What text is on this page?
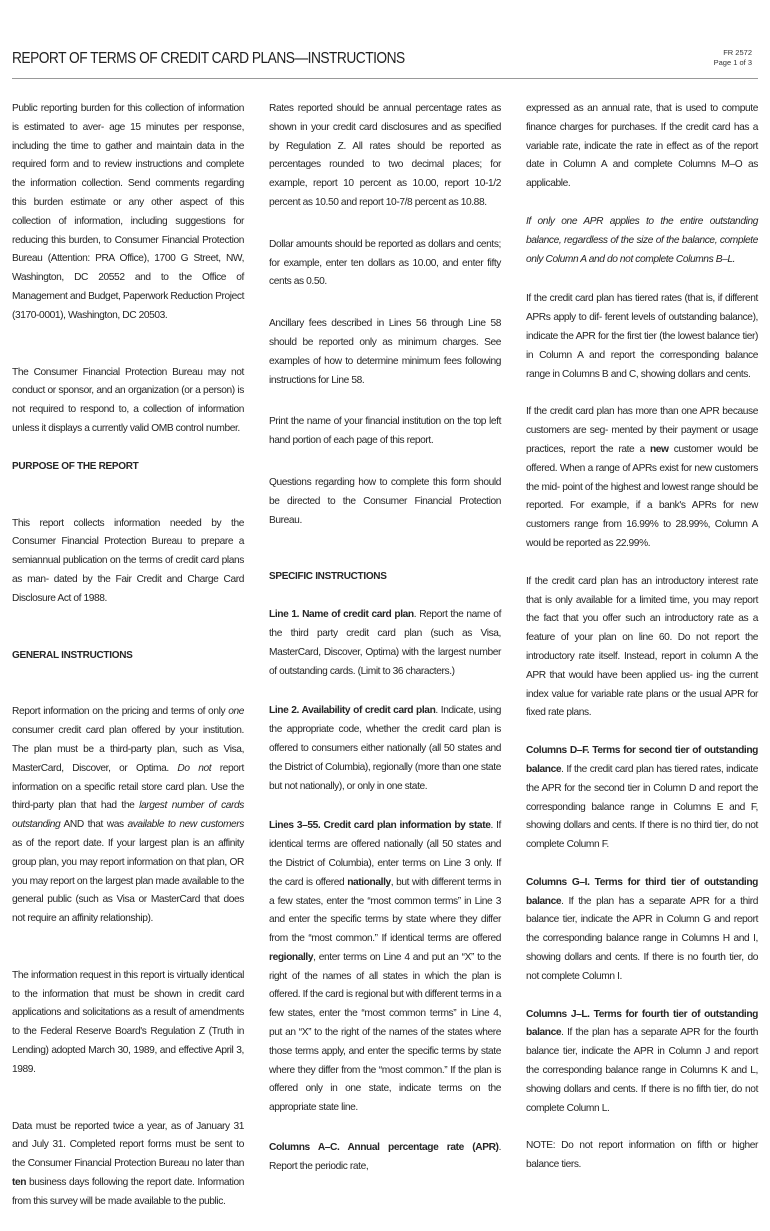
REPORT OF TERMS OF CREDIT CARD PLANS—INSTRUCTIONS	FR 2572
Page 1 of 3

Public reporting burden for this collection of information is estimated to aver- age 15 minutes per response, including the time to gather and maintain data in the required form and to review instructions and complete the information collection. Send comments regarding this burden estimate or any other aspect of this collection of information, including suggestions for reducing this burden, to Consumer Financial Protection Bureau (Attention: PRA Office), 1700 G Street, NW, Washington, DC 20552 and to the Office of Management and Budget, Paperwork Reduction Project (3170-0001), Washington, DC 20503.

The Consumer Financial Protection Bureau may not conduct or sponsor, and an organization (or a person) is not required to respond to, a collection of information unless it displays a currently valid OMB control number.

PURPOSE OF THE REPORT

This report collects information needed by the Consumer Financial Protection Bureau to prepare a semiannual publication on the terms of credit card plans as man- dated by the Fair Credit and Charge Card Disclosure Act of 1988.

GENERAL INSTRUCTIONS

Report information on the pricing and terms of only one consumer credit card plan offered by your institution. The plan must be a third-party plan, such as Visa, MasterCard, Discover, or Optima. Do not report information on a specific retail store card plan. Use the third-party plan that had the largest number of cards outstanding AND that was available to new customers as of the report date. If your largest plan is an affinity group plan, you may report information on that plan, OR you may report on the largest plan made available to the general public (such as Visa or MasterCard that does not require an affinity relationship).

The information request in this report is virtually identical to the information that must be shown in credit card applications and solicitations as a result of amendments to the Federal Reserve Board's Regulation Z (Truth in Lending) adopted March 30, 1989, and effective April 3, 1989.

Data must be reported twice a year, as of January 31 and July 31. Completed report forms must be sent to the Consumer Financial Protection Bureau no later than ten business days following the report date. Information from this survey will be made available to the public.

Rates reported should be annual percentage rates as shown in your credit card disclosures and as specified by Regulation Z. All rates should be reported as percentages rounded to two decimal places; for example, report 10 percent as 10.00, report 10-1/2 percent as 10.50 and report 10-7/8 percent as 10.88.

Dollar amounts should be reported as dollars and cents; for example, enter ten dollars as 10.00, and enter fifty cents as 0.50.

Ancillary fees described in Lines 56 through Line 58 should be reported only as minimum charges. See examples of how to determine minimum fees following instructions for Line 58.

Print the name of your financial institution on the top left hand portion of each page of this report.

Questions regarding how to complete this form should be directed to the Consumer Financial Protection Bureau.

SPECIFIC INSTRUCTIONS

Line 1. Name of credit card plan. Report the name of the third party credit card plan (such as Visa, MasterCard, Discover, Optima) with the largest number of outstanding cards. (Limit to 36 characters.)

Line 2. Availability of credit card plan. Indicate, using the appropriate code, whether the credit card plan is offered to consumers either nationally (all 50 states and the District of Columbia), regionally (more than one state but not nationally), or only in one state.

Lines 3–55. Credit card plan information by state. If identical terms are offered nationally (all 50 states and the District of Columbia), enter terms on Line 3 only. If the card is offered nationally, but with different terms in a few states, enter the “most common terms” in Line 3 and enter the specific terms by state where they differ from the “most common.” If identical terms are offered regionally, enter terms on Line 4 and put an “X” to the right of the names of all states in which the plan is offered. If the card is regional but with different terms in a few states, enter the “most common terms” in Line 4, put an “X” to the right of the names of the states where those terms apply, and enter the specific terms by state where they differ from the “most common.” If the plan is offered only in one state, indicate terms on the appropriate state line.

Columns A–C. Annual percentage rate (APR). Report the periodic rate,

expressed as an annual rate, that is used to compute finance charges for purchases. If the credit card has a variable rate, indicate the rate in effect as of the report date in Column A and complete Columns M–O as applicable.

If only one APR applies to the entire outstanding balance, regardless of the size of the balance, complete only Column A and do not complete Columns B–L.

If the credit card plan has tiered rates (that is, if different APRs apply to dif- ferent levels of outstanding balance), indicate the APR for the first tier (the lowest balance tier) in Column A and report the corresponding balance range in Columns B and C, showing dollars and cents.

If the credit card plan has more than one APR because customers are seg- mented by their payment or usage practices, report the rate a new customer would be offered. When a range of APRs exist for new customers the mid- point of the highest and lowest range should be reported. For example, if a bank's APRs for new customers range from 16.99% to 28.99%, Column A would be reported as 22.99%.

If the credit card plan has an introductory interest rate that is only available for a limited time, you may report the fact that you offer such an introductory rate as a feature of your plan on line 60. Do not report the introductory rate itself. Instead, report in column A the APR that would have been applied us- ing the current index value for variable rate plans or the usual APR for fixed rate plans.

Columns D–F. Terms for second tier of outstanding balance. If the credit card plan has tiered rates, indicate the APR for the second tier in Column D and report the corresponding balance range in Columns E and F, showing dollars and cents. If there is no third tier, do not complete Column F.

Columns G–I. Terms for third tier of outstanding balance. If the plan has a separate APR for a third balance tier, indicate the APR in Column G and report the corresponding balance range in Columns H and I, showing dollars and cents. If there is no fourth tier, do not complete Column I.

Columns J–L. Terms for fourth tier of outstanding balance. If the plan has a separate APR for the fourth balance tier, indicate the APR in Column J and report the corresponding balance range in Columns K and L, showing dollars and cents. If there is no fifth tier, do not complete Column L.

NOTE: Do not report information on fifth or higher balance tiers.
